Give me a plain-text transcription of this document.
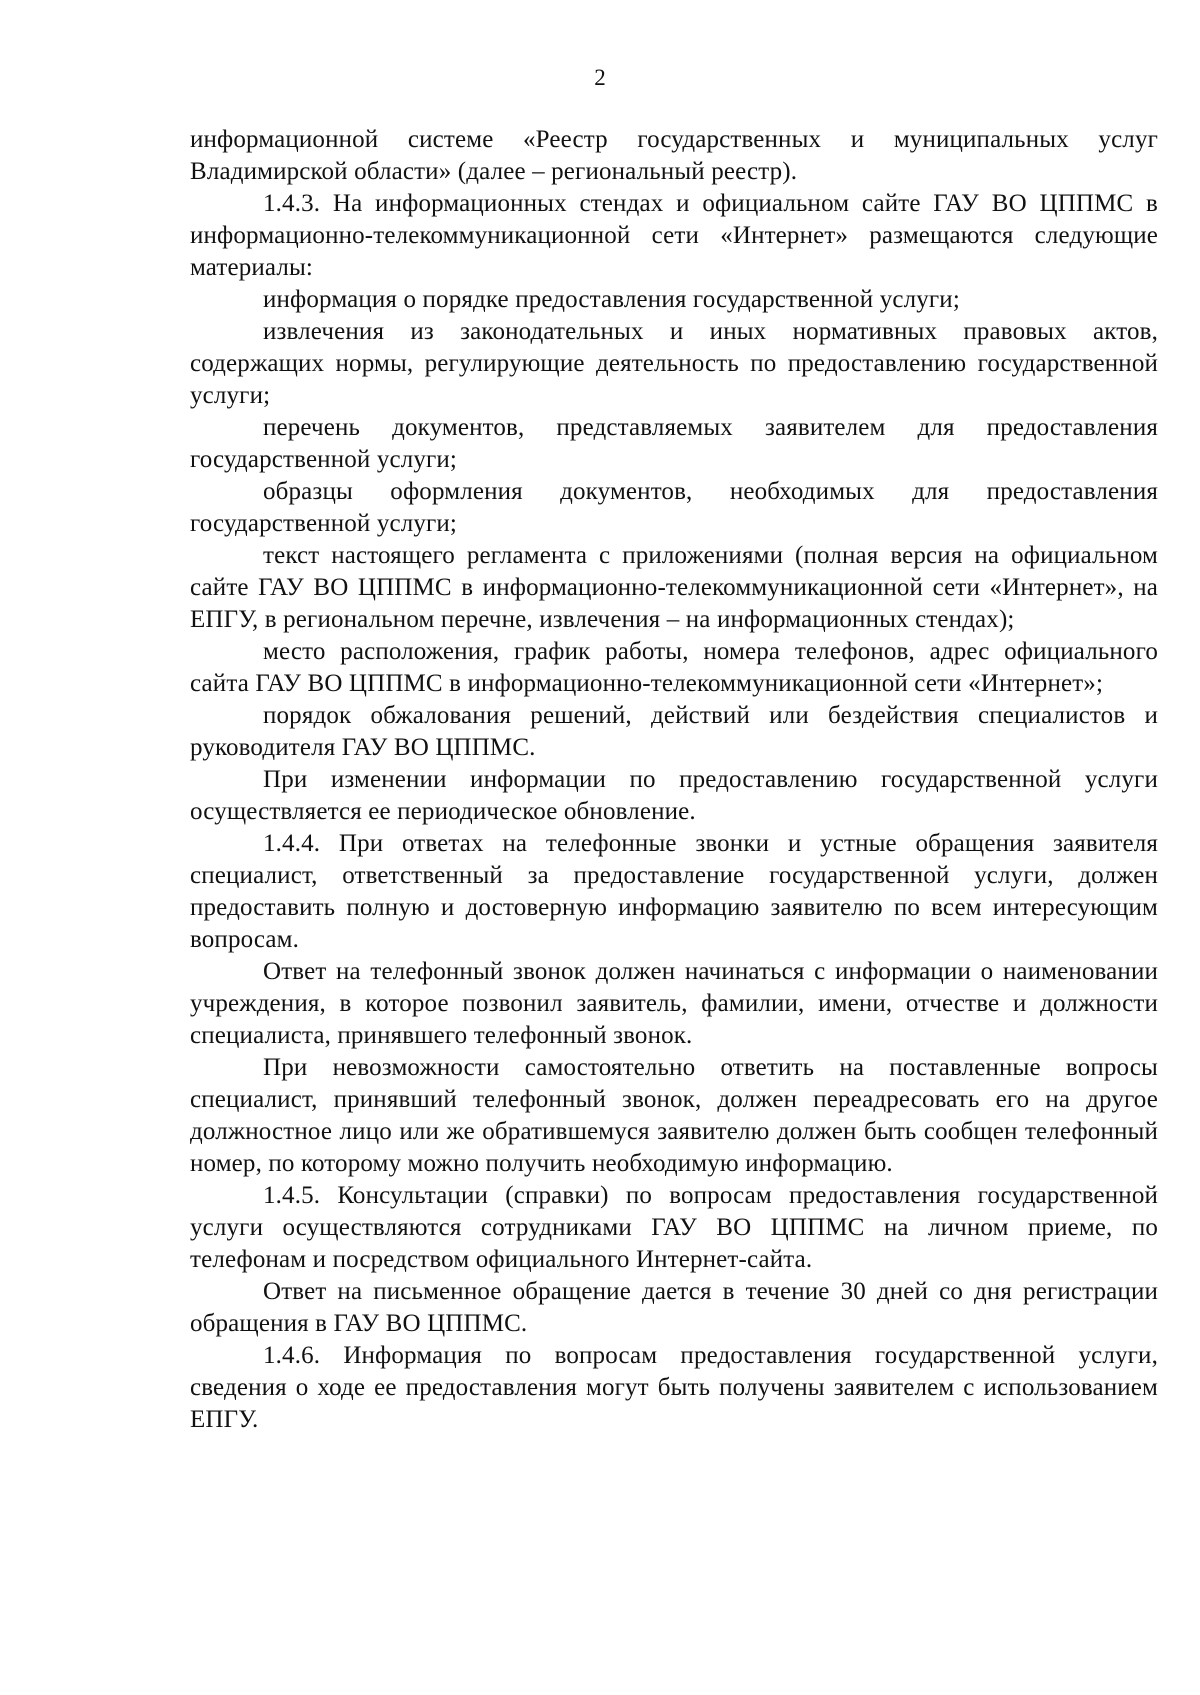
2

информационной системе «Реестр государственных и муниципальных услуг Владимирской области» (далее – региональный реестр).

1.4.3. На информационных стендах и официальном сайте ГАУ ВО ЦППМС в информационно-телекоммуникационной сети «Интернет» размещаются следующие материалы:

информация о порядке предоставления государственной услуги;

извлечения из законодательных и иных нормативных правовых актов, содержащих нормы, регулирующие деятельность по предоставлению государственной услуги;

перечень документов, представляемых заявителем для предоставления государственной услуги;

образцы оформления документов, необходимых для предоставления государственной услуги;

текст настоящего регламента с приложениями (полная версия на официальном сайте ГАУ ВО ЦППМС в информационно-телекоммуникационной сети «Интернет», на ЕПГУ, в региональном перечне, извлечения – на информационных стендах);

место расположения, график работы, номера телефонов, адрес официального сайта ГАУ ВО ЦППМС в информационно-телекоммуникационной сети «Интернет»;

порядок обжалования решений, действий или бездействия специалистов и руководителя ГАУ ВО ЦППМС.

При изменении информации по предоставлению государственной услуги осуществляется ее периодическое обновление.

1.4.4. При ответах на телефонные звонки и устные обращения заявителя специалист, ответственный за предоставление государственной услуги, должен предоставить полную и достоверную информацию заявителю по всем интересующим вопросам.

Ответ на телефонный звонок должен начинаться с информации о наименовании учреждения, в которое позвонил заявитель, фамилии, имени, отчестве и должности специалиста, принявшего телефонный звонок.

При невозможности самостоятельно ответить на поставленные вопросы специалист, принявший телефонный звонок, должен переадресовать его на другое должностное лицо или же обратившемуся заявителю должен быть сообщен телефонный номер, по которому можно получить необходимую информацию.

1.4.5. Консультации (справки) по вопросам предоставления государственной услуги осуществляются сотрудниками ГАУ ВО ЦППМС на личном приеме, по телефонам и посредством официального Интернет-сайта.

Ответ на письменное обращение дается в течение 30 дней со дня регистрации обращения в ГАУ ВО ЦППМС.

1.4.6. Информация по вопросам предоставления государственной услуги, сведения о ходе ее предоставления могут быть получены заявителем с использованием ЕПГУ.
